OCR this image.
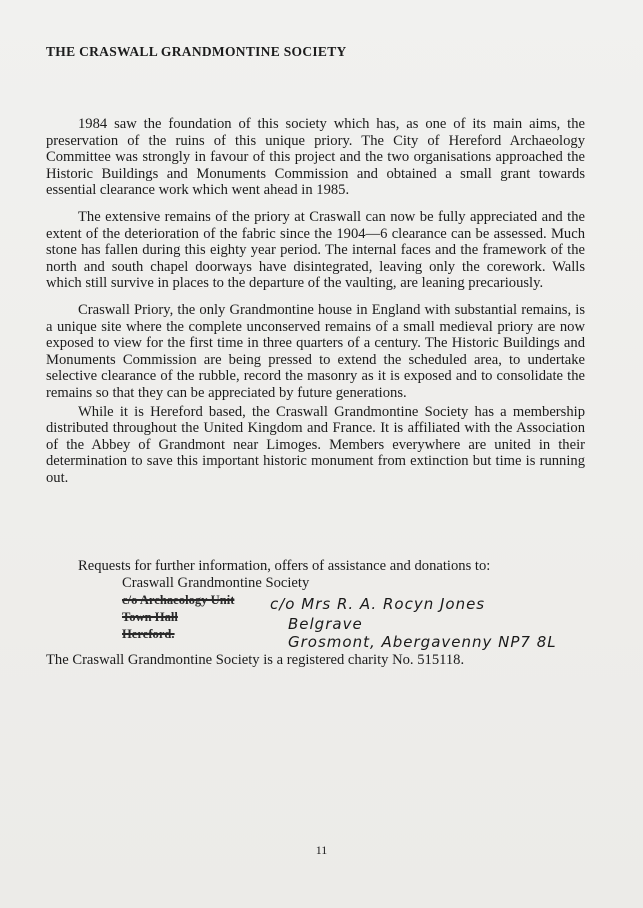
THE CRASWALL GRANDMONTINE SOCIETY

1984 saw the foundation of this society which has, as one of its main aims, the preservation of the ruins of this unique priory. The City of Hereford Archaeology Committee was strongly in favour of this project and the two organisations approached the Historic Buildings and Monuments Commission and obtained a small grant towards essential clearance work which went ahead in 1985.

The extensive remains of the priory at Craswall can now be fully appreciated and the extent of the deterioration of the fabric since the 1904—6 clearance can be assessed. Much stone has fallen during this eighty year period. The internal faces and the framework of the north and south chapel doorways have disintegrated, leaving only the corework. Walls which still survive in places to the departure of the vaulting, are leaning precariously.

Craswall Priory, the only Grandmontine house in England with substantial remains, is a unique site where the complete unconserved remains of a small medieval priory are now exposed to view for the first time in three quarters of a century. The Historic Buildings and Monuments Commission are being pressed to extend the scheduled area, to undertake selective clearance of the rubble, record the masonry as it is exposed and to consolidate the remains so that they can be appreciated by future generations.

While it is Hereford based, the Craswall Grandmontine Society has a membership distributed throughout the United Kingdom and France. It is affiliated with the Association of the Abbey of Grandmont near Limoges. Members everywhere are united in their determination to save this important historic monument from extinction but time is running out.

Requests for further information, offers of assistance and donations to:

Craswall Grandmontine Society

c/o Archaeology Unit
Town Hall
Hereford.
c/o Mrs R. A. Rocyn Jones
Belgrave
Grosmont, Abergavenny NP7 8L
The Craswall Grandmontine Society is a registered charity No. 515118.
11
